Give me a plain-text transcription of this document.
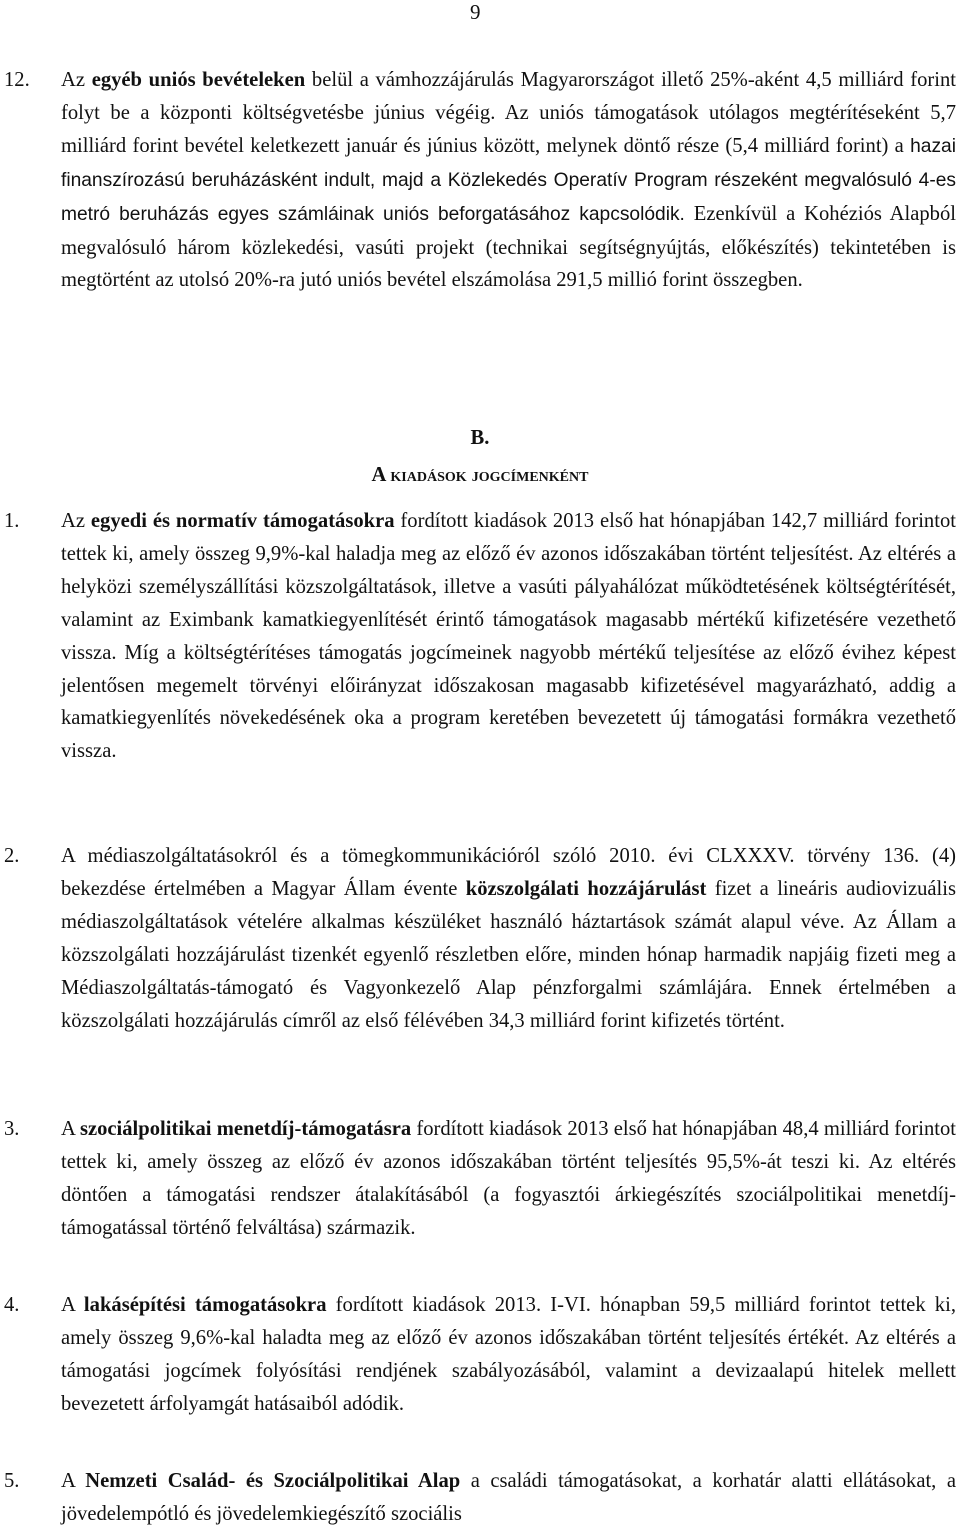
9
12. Az egyéb uniós bevételeken belül a vámhozzájárulás Magyarországot illető 25%-aként 4,5 milliárd forint folyt be a központi költségvetésbe június végéig. Az uniós támogatások utólagos megtérítéseként 5,7 milliárd forint bevétel keletkezett január és június között, melynek döntő része (5,4 milliárd forint) a hazai finanszírozású beruházásként indult, majd a Közlekedés Operatív Program részeként megvalósuló 4-es metró beruházás egyes számláinak uniós beforgatásához kapcsolódik. Ezenkívül a Kohéziós Alapból megvalósuló három közlekedési, vasúti projekt (technikai segítségnyújtás, előkészítés) tekintetében is megtörtént az utolsó 20%-ra jutó uniós bevétel elszámolása 291,5 millió forint összegben.
B.
A kiadások jogcímenként
1. Az egyedi és normatív támogatásokra fordított kiadások 2013 első hat hónapjában 142,7 milliárd forintot tettek ki, amely összeg 9,9%-kal haladja meg az előző év azonos időszakában történt teljesítést. Az eltérés a helyközi személyszállítási közszolgáltatások, illetve a vasúti pályahálózat működtetésének költségtérítését, valamint az Eximbank kamatkiegyenlítését érintő támogatások magasabb mértékű kifizetésére vezethető vissza. Míg a költségtérítéses támogatás jogcímeinek nagyobb mértékű teljesítése az előző évihez képest jelentősen megemelt törvényi előirányzat időszakosan magasabb kifizetésével magyarázható, addig a kamatkiegyenlítés növekedésének oka a program keretében bevezetett új támogatási formákra vezethető vissza.
2. A médiaszolgáltatásokról és a tömegkommunikációról szóló 2010. évi CLXXXV. törvény 136. (4) bekezdése értelmében a Magyar Állam évente közszolgálati hozzájárulást fizet a lineáris audiovizuális médiaszolgáltatások vételére alkalmas készüléket használó háztartások számát alapul véve. Az Állam a közszolgálati hozzájárulást tizenkét egyenlő részletben előre, minden hónap harmadik napjáig fizeti meg a Médiaszolgáltatás-támogató és Vagyonkezelő Alap pénzforgalmi számlájára. Ennek értelmében a közszolgálati hozzájárulás címről az első félévében 34,3 milliárd forint kifizetés történt.
3. A szociálpolitikai menetdíj-támogatásra fordított kiadások 2013 első hat hónapjában 48,4 milliárd forintot tettek ki, amely összeg az előző év azonos időszakában történt teljesítés 95,5%-át teszi ki. Az eltérés döntően a támogatási rendszer átalakításából (a fogyasztói árkiegészítés szociálpolitikai menetdíj-támogatással történő felváltása) származik.
4. A lakásépítési támogatásokra fordított kiadások 2013. I-VI. hónapban 59,5 milliárd forintot tettek ki, amely összeg 9,6%-kal haladta meg az előző év azonos időszakában történt teljesítés értékét. Az eltérés a támogatási jogcímek folyósítási rendjének szabályozásából, valamint a devizaalapú hitelek mellett bevezetett árfolyamgát hatásaiból adódik.
5. A Nemzeti Család- és Szociálpolitikai Alap a családi támogatásokat, a korhatár alatti ellátásokat, a jövedelempótló és jövedelemkiegészítő szociális
